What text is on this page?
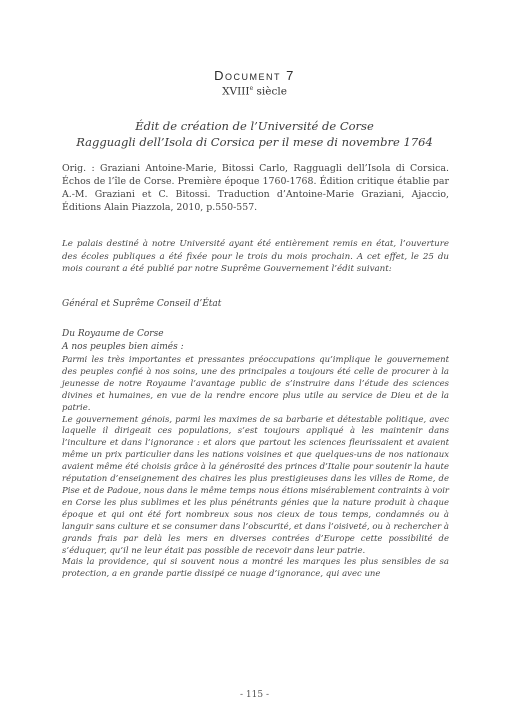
Document 7
XVIIIe siècle
Édit de création de l’Université de Corse
Ragguagli dell’Isola di Corsica per il mese di novembre 1764
Orig. : Graziani Antoine-Marie, Bitossi Carlo, Ragguagli dell’Isola di Corsica. Échos de l’île de Corse. Première époque 1760-1768. Édition critique établie par A.-M. Graziani et C. Bitossi. Traduction d’Antoine-Marie Graziani, Ajaccio, Éditions Alain Piazzola, 2010, p.550-557.
Le palais destiné à notre Université ayant été entièrement remis en état, l’ouverture des écoles publiques a été fixée pour le trois du mois prochain. A cet effet, le 25 du mois courant a été publié par notre Suprême Gouvernement l’édit suivant:
Général et Suprême Conseil d’État
Du Royaume de Corse
A nos peuples bien aimés :

Parmi les très importantes et pressantes préoccupations qu’implique le gouvernement des peuples confié à nos soins, une des principales a toujours été celle de procurer à la jeunesse de notre Royaume l’avantage public de s’instruire dans l’étude des sciences divines et humaines, en vue de la rendre encore plus utile au service de Dieu et de la patrie.

Le gouvernement génois, parmi les maximes de sa barbarie et détestable politique, avec laquelle il dirigeait ces populations, s’est toujours appliqué à les maintenir dans l’inculture et dans l’ignorance : et alors que partout les sciences fleurissaient et avaient même un prix particulier dans les nations voisines et que quelques-uns de nos nationaux avaient même été choisis grâce à la générosité des princes d’Italie pour soutenir la haute réputation d’enseignement des chaires les plus prestigieuses dans les villes de Rome, de Pise et de Padoue, nous dans le même temps nous étions misérablement contraints à voir en Corse les plus sublimes et les plus pénétrants génies que la nature produit à chaque époque et qui ont été fort nombreux sous nos cieux de tous temps, condamnés ou à languir sans culture et se consumer dans l’obscurité, et dans l’oisiveté, ou à rechercher à grands frais par delà les mers en diverses contrées d’Europe cette possibilité de s’éduquer, qu’il ne leur était pas possible de recevoir dans leur patrie.

Mais la providence, qui si souvent nous a montré les marques les plus sensibles de sa protection, a en grande partie dissipé ce nuage d’ignorance, qui avec une

- 115 -
